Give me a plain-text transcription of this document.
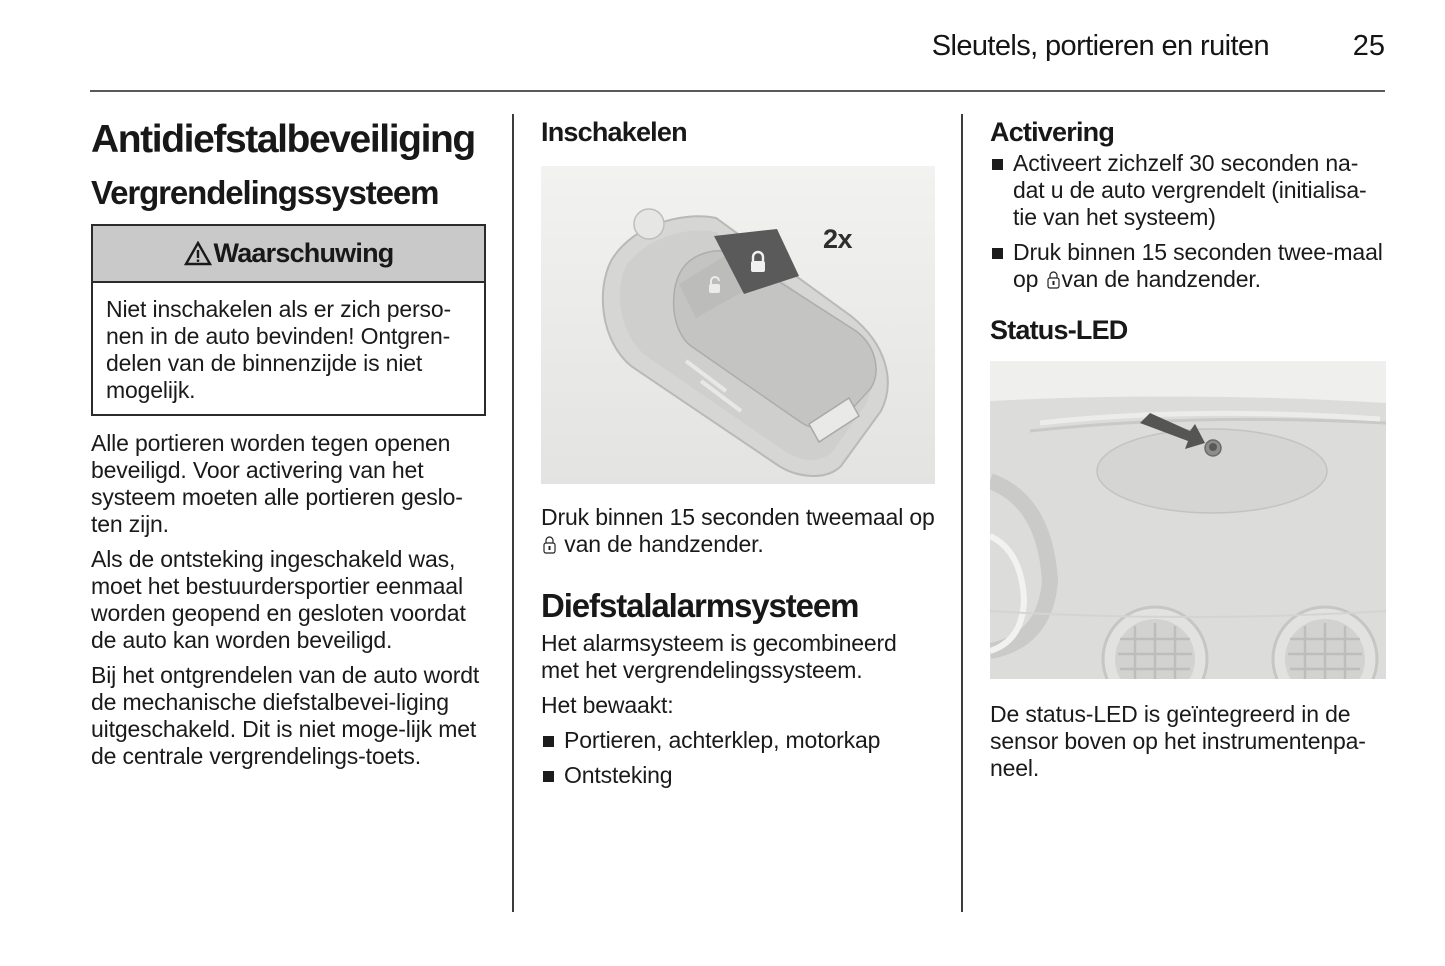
Sleutels, portieren en ruiten	25
Antidiefstalbeveiliging
Vergrendelingssysteem
Waarschuwing

Niet inschakelen als er zich perso-nen in de auto bevinden! Ontgren-delen van de binnenzijde is niet mogelijk.

Alle portieren worden tegen openen beveiligd. Voor activering van het systeem moeten alle portieren geslo-ten zijn.

Als de ontsteking ingeschakeld was, moet het bestuurdersportier eenmaal worden geopend en gesloten voordat de auto kan worden beveiligd.

Bij het ontgrendelen van de auto wordt de mechanische diefstalbevei-liging uitgeschakeld. Dit is niet moge-lijk met de centrale vergrendelings-toets.

Inschakelen
2x

Druk binnen 15 seconden tweemaal op  van de handzender.

Diefstalalarmsysteem

Het alarmsysteem is gecombineerd met het vergrendelingssysteem.

Het bewaakt:

Portieren, achterklep, motorkap
Ontsteking
Activering
Activeert zichzelf 30 seconden na-dat u de auto vergrendelt (initialisa-tie van het systeem)
Druk binnen 15 seconden twee-maal op van de handzender.
Status-LED

De status-LED is geïntegreerd in de sensor boven op het instrumentenpa-neel.
